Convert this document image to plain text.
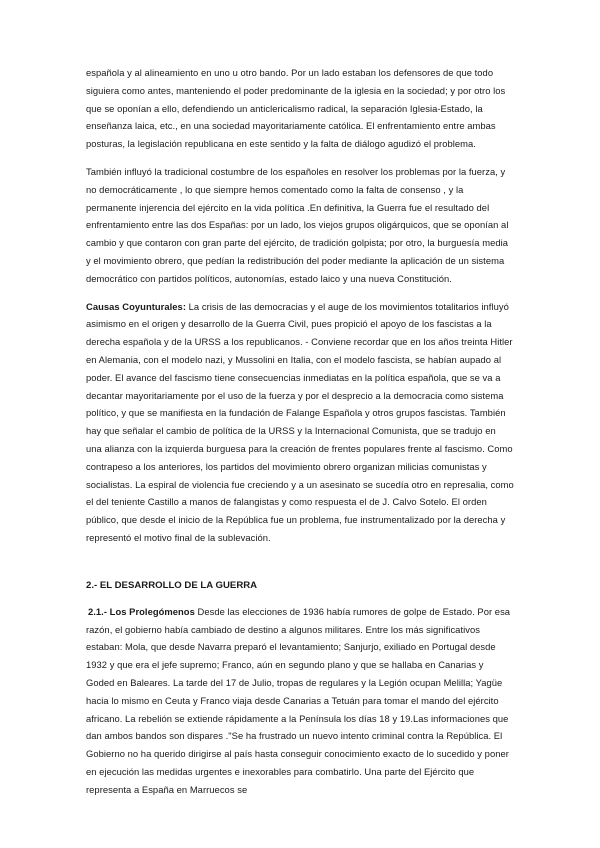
española y al alineamiento en uno u otro bando. Por un lado estaban los defensores de que todo siguiera como antes, manteniendo el poder predominante de la iglesia en la sociedad; y por otro los que se oponían a ello, defendiendo un anticlericalismo radical, la separación Iglesia-Estado, la enseñanza laica, etc., en una sociedad mayoritariamente católica. El enfrentamiento entre ambas posturas, la legislación republicana en este sentido y la falta de diálogo agudizó el problema.

También influyó la tradicional costumbre de los españoles en resolver los problemas por la fuerza, y no democráticamente , lo que siempre hemos comentado como la falta de consenso , y la permanente injerencia del ejército en la vida política .En definitiva, la Guerra fue el resultado del enfrentamiento entre las dos Españas: por un lado, los viejos grupos oligárquicos, que se oponían al cambio y que contaron con gran parte del ejército, de tradición golpista; por otro, la burguesía media y el movimiento obrero, que pedían la redistribución del poder mediante la aplicación de un sistema democrático con partidos políticos, autonomías, estado laico y una nueva Constitución.

Causas Coyunturales: La crisis de las democracias y el auge de los movimientos totalitarios influyó asimismo en el origen y desarrollo de la Guerra Civil, pues propició el apoyo de los fascistas a la derecha española y de la URSS a los republicanos. - Conviene recordar que en los años treinta Hitler en Alemania, con el modelo nazi, y Mussolini en Italia, con el modelo fascista, se habían aupado al poder. El avance del fascismo tiene consecuencias inmediatas en la política española, que se va a decantar mayoritariamente por el uso de la fuerza y por el desprecio a la democracia como sistema político, y que se manifiesta en la fundación de Falange Española y otros grupos fascistas. También hay que señalar el cambio de política de la URSS y la Internacional Comunista, que se tradujo en una alianza con la izquierda burguesa para la creación de frentes populares frente al fascismo. Como contrapeso a los anteriores, los partidos del movimiento obrero organizan milicias comunistas y socialistas. La espiral de violencia fue creciendo y a un asesinato se sucedía otro en represalia, como el del teniente Castillo a manos de falangistas y como respuesta el de J. Calvo Sotelo. El orden público, que desde el inicio de la República fue un problema, fue instrumentalizado por la derecha y representó el motivo final de la sublevación.

2.- EL DESARROLLO DE LA GUERRA

2.1.- Los Prolegómenos Desde las elecciones de 1936 había rumores de golpe de Estado. Por esa razón, el gobierno había cambiado de destino a algunos militares. Entre los más significativos estaban: Mola, que desde Navarra preparó el levantamiento; Sanjurjo, exiliado en Portugal desde 1932 y que era el jefe supremo; Franco, aún en segundo plano y que se hallaba en Canarias y Goded en Baleares. La tarde del 17 de Julio, tropas de regulares y la Legión ocupan Melilla; Yagüe hacia lo mismo en Ceuta y Franco viaja desde Canarias a Tetuán para tomar el mando del ejército africano. La rebelión se extiende rápidamente a la Península los días 18 y 19.Las informaciones que dan ambos bandos son dispares ."Se ha frustrado un nuevo intento criminal contra la República. El Gobierno no ha querido dirigirse al país hasta conseguir conocimiento exacto de lo sucedido y poner en ejecución las medidas urgentes e inexorables para combatirlo. Una parte del Ejército que representa a España en Marruecos se
